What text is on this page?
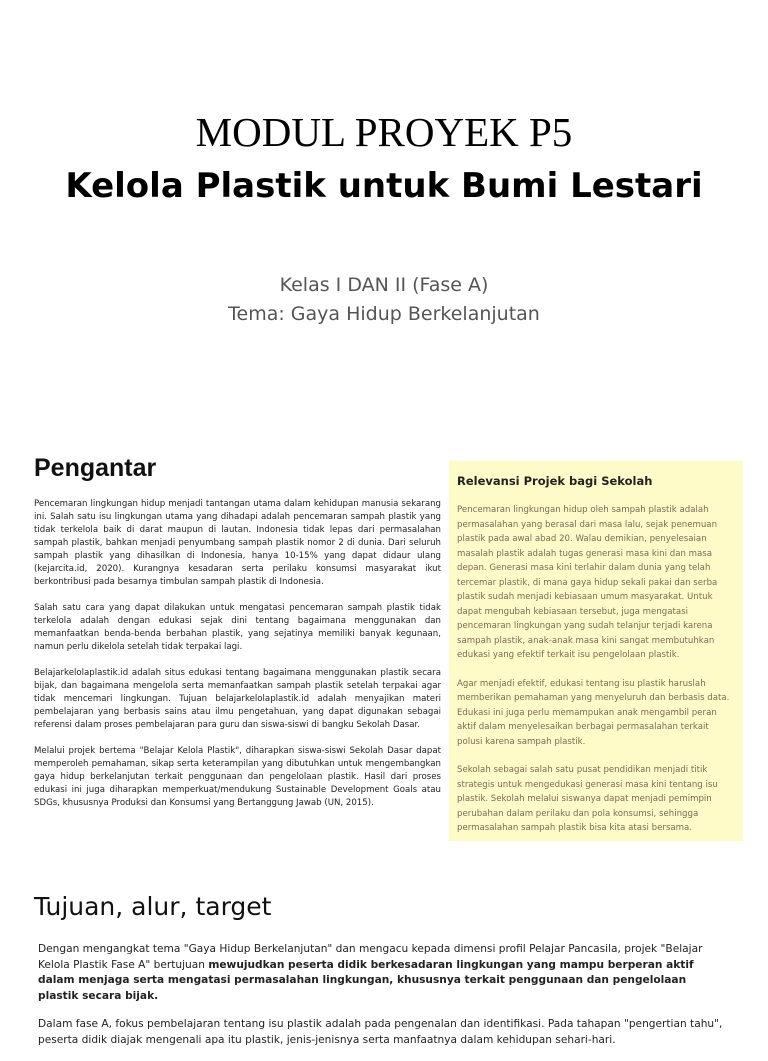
MODUL PROYEK P5
Kelola Plastik untuk Bumi Lestari
Kelas I DAN II (Fase A)
Tema: Gaya Hidup Berkelanjutan
Pengantar

Pencemaran lingkungan hidup menjadi tantangan utama dalam kehidupan manusia sekarang ini. Salah satu isu lingkungan utama yang dihadapi adalah pencemaran sampah plastik yang tidak terkelola baik di darat maupun di lautan. Indonesia tidak lepas dari permasalahan sampah plastik, bahkan menjadi penyumbang sampah plastik nomor 2 di dunia. Dari seluruh sampah plastik yang dihasilkan di Indonesia, hanya 10-15% yang dapat didaur ulang (kejarcita.id, 2020). Kurangnya kesadaran serta perilaku konsumsi masyarakat ikut berkontribusi pada besarnya timbulan sampah plastik di Indonesia.

Salah satu cara yang dapat dilakukan untuk mengatasi pencemaran sampah plastik tidak terkelola adalah dengan edukasi sejak dini tentang bagaimana menggunakan dan memanfaatkan benda-benda berbahan plastik, yang sejatinya memiliki banyak kegunaan, namun perlu dikelola setelah tidak terpakai lagi.

Belajarkelolaplastik.id adalah situs edukasi tentang bagaimana menggunakan plastik secara bijak, dan bagaimana mengelola serta memanfaatkan sampah plastik setelah terpakai agar tidak mencemari lingkungan. Tujuan belajarkelolaplastik.id adalah menyajikan materi pembelajaran yang berbasis sains atau ilmu pengetahuan, yang dapat digunakan sebagai referensi dalam proses pembelajaran para guru dan siswa-siswi di bangku Sekolah Dasar.

Melalui projek bertema "Belajar Kelola Plastik", diharapkan siswa-siswi Sekolah Dasar dapat memperoleh pemahaman, sikap serta keterampilan yang dibutuhkan untuk mengembangkan gaya hidup berkelanjutan terkait penggunaan dan pengelolaan plastik. Hasil dari proses edukasi ini juga diharapkan memperkuat/mendukung Sustainable Development Goals atau SDGs, khususnya Produksi dan Konsumsi yang Bertanggung Jawab (UN, 2015).

Relevansi Projek bagi Sekolah

Pencemaran lingkungan hidup oleh sampah plastik adalah permasalahan yang berasal dari masa lalu, sejak penemuan plastik pada awal abad 20. Walau demikian, penyelesaian masalah plastik adalah tugas generasi masa kini dan masa depan. Generasi masa kini terlahir dalam dunia yang telah tercemar plastik, di mana gaya hidup sekali pakai dan serba plastik sudah menjadi kebiasaan umum masyarakat. Untuk dapat mengubah kebiasaan tersebut, juga mengatasi pencemaran lingkungan yang sudah telanjur terjadi karena sampah plastik, anak-anak masa kini sangat membutuhkan edukasi yang efektif terkait isu pengelolaan plastik.

Agar menjadi efektif, edukasi tentang isu plastik haruslah memberikan pemahaman yang menyeluruh dan berbasis data. Edukasi ini juga perlu memampukan anak mengambil peran aktif dalam menyelesaikan berbagai permasalahan terkait polusi karena sampah plastik.

Sekolah sebagai salah satu pusat pendidikan menjadi titik strategis untuk mengedukasi generasi masa kini tentang isu plastik. Sekolah melalui siswanya dapat menjadi pemimpin perubahan dalam perilaku dan pola konsumsi, sehingga permasalahan sampah plastik bisa kita atasi bersama.

Tujuan, alur, target

Dengan mengangkat tema "Gaya Hidup Berkelanjutan" dan mengacu kepada dimensi profil Pelajar Pancasila, projek "Belajar Kelola Plastik Fase A" bertujuan mewujudkan peserta didik berkesadaran lingkungan yang mampu berperan aktif dalam menjaga serta mengatasi permasalahan lingkungan, khususnya terkait penggunaan dan pengelolaan plastik secara bijak.

Dalam fase A, fokus pembelajaran tentang isu plastik adalah pada pengenalan dan identifikasi. Pada tahapan "pengertian tahu", peserta didik diajak mengenali apa itu plastik, jenis-jenisnya serta manfaatnya dalam kehidupan sehari-hari.
